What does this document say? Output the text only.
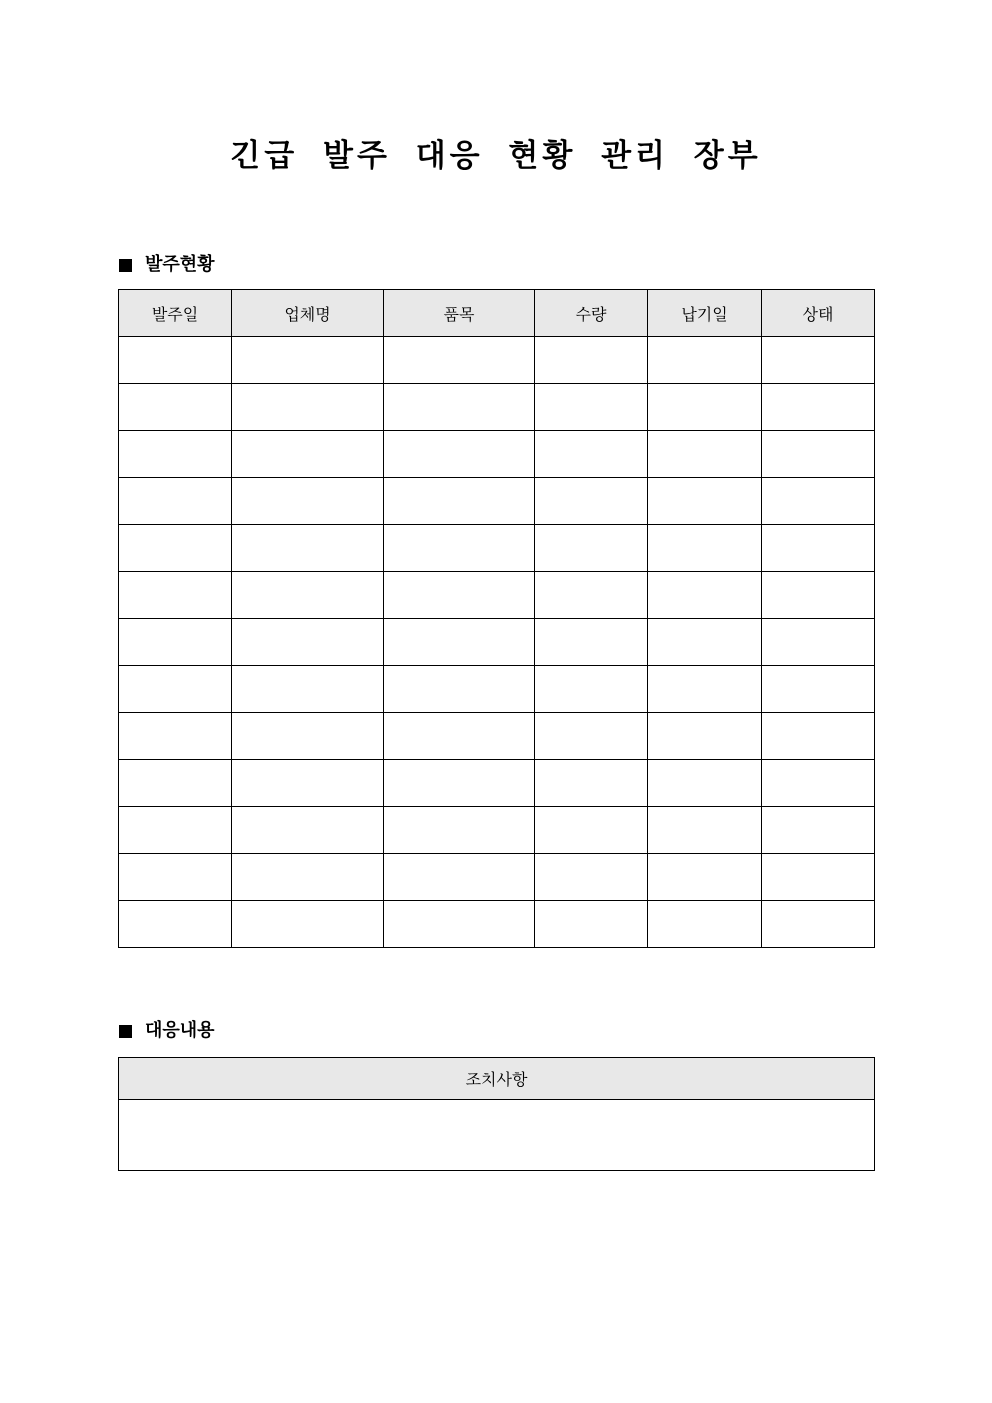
긴급 발주 대응 현황 관리 장부
발주현황
발주일	업체명	품목	수량	납기일	상태

대응내용
조치사항
